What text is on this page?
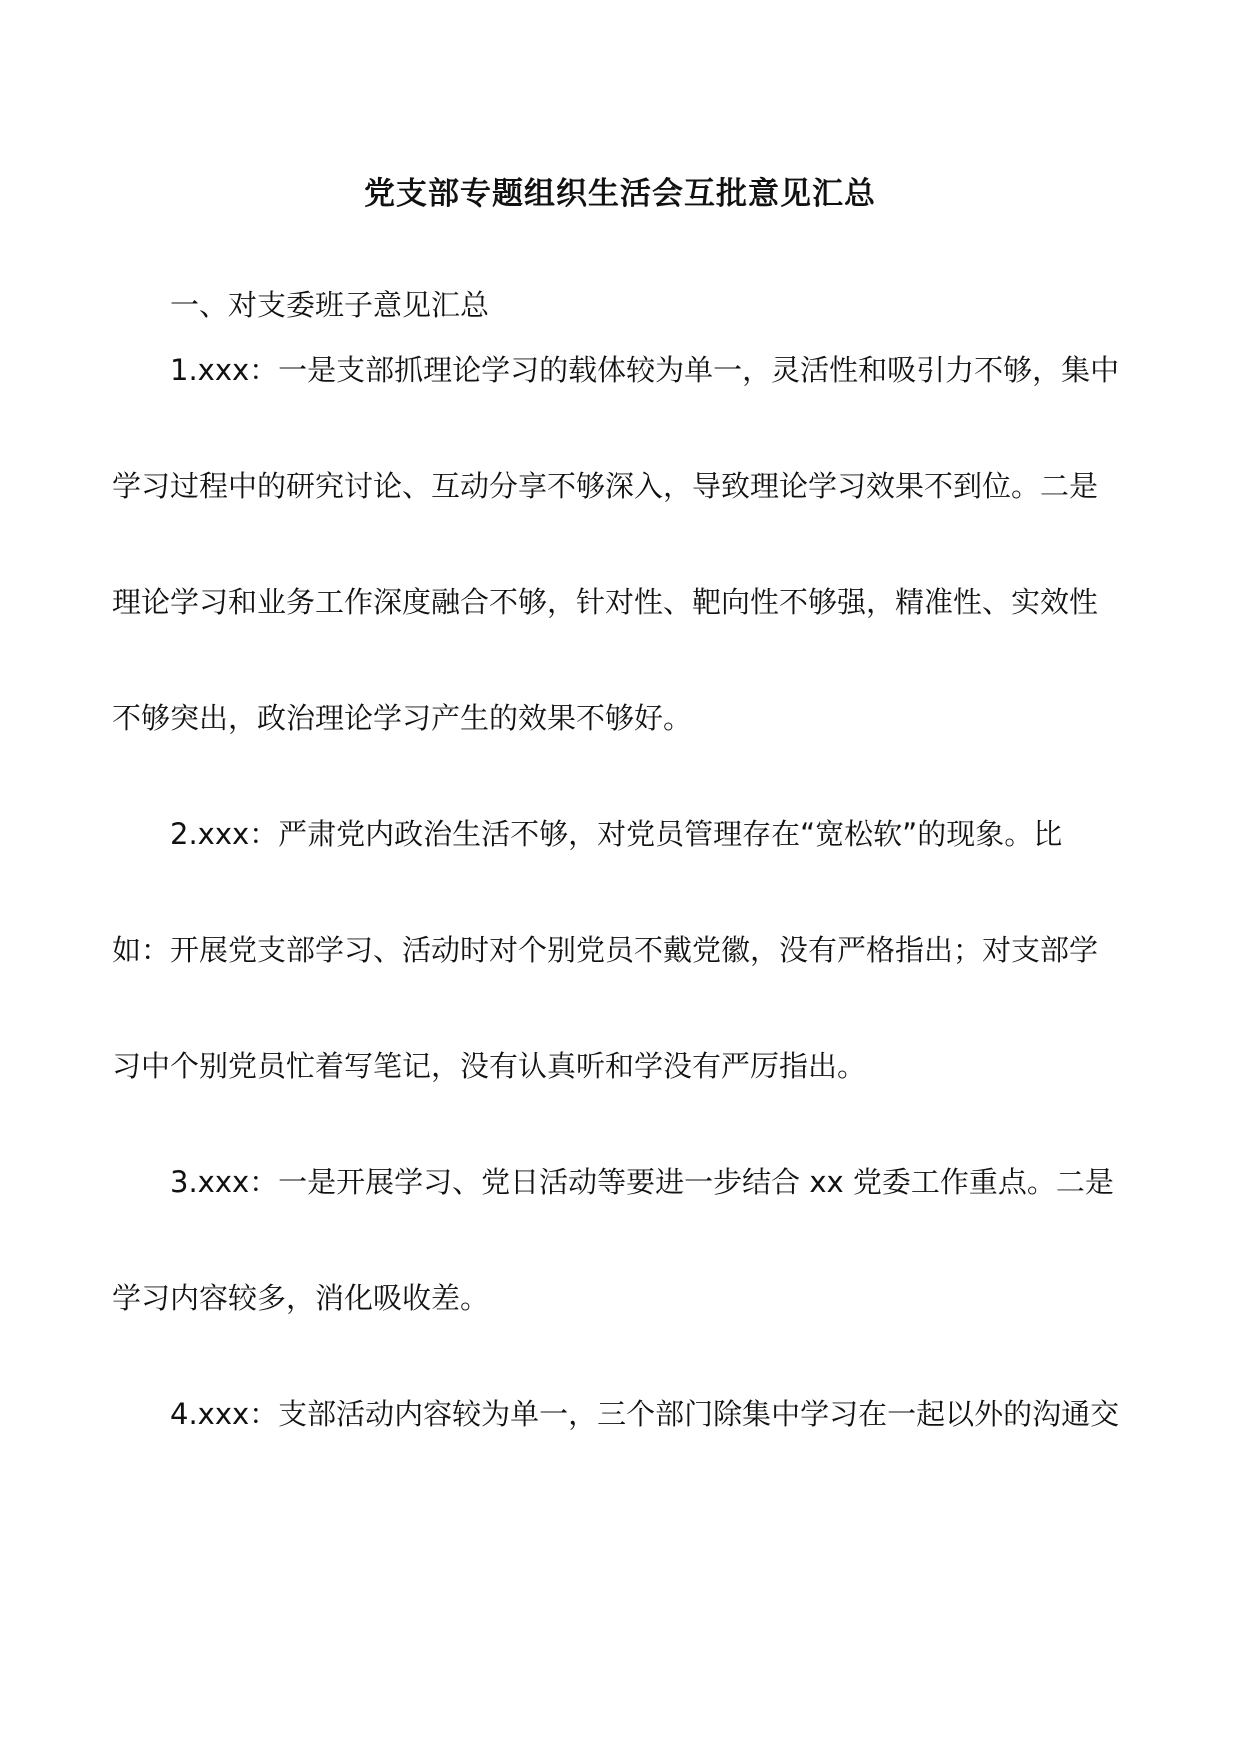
党支部专题组织生活会互批意见汇总

一、对支委班子意见汇总

1.xxx：一是支部抓理论学习的载体较为单一，灵活性和吸引力不够，集中

学习过程中的研究讨论、互动分享不够深入，导致理论学习效果不到位。二是

理论学习和业务工作深度融合不够，针对性、靶向性不够强，精准性、实效性

不够突出，政治理论学习产生的效果不够好。

2.xxx：严肃党内政治生活不够，对党员管理存在“宽松软”的现象。比

如：开展党支部学习、活动时对个别党员不戴党徽，没有严格指出；对支部学

习中个别党员忙着写笔记，没有认真听和学没有严厉指出。

3.xxx：一是开展学习、党日活动等要进一步结合 xx 党委工作重点。二是

学习内容较多，消化吸收差。

4.xxx：支部活动内容较为单一，三个部门除集中学习在一起以外的沟通交
